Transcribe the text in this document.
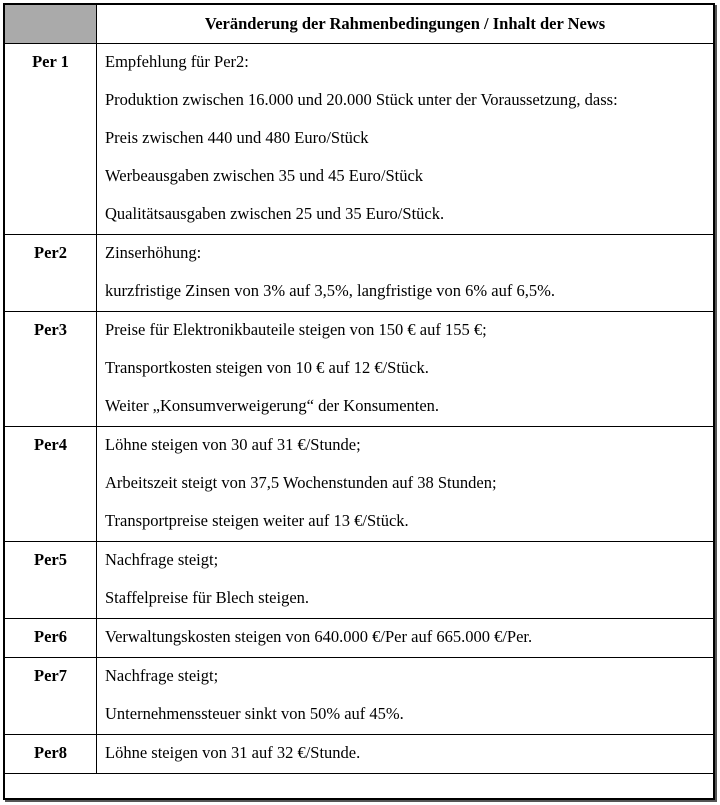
	Veränderung der Rahmenbedingungen / Inhalt der News
Per 1	Empfehlung für Per2:
Produktion zwischen 16.000 und 20.000 Stück unter der Voraussetzung, dass:
Preis zwischen 440 und 480 Euro/Stück
Werbeausgaben zwischen 35 und 45 Euro/Stück
Qualitätsausgaben zwischen 25 und 35 Euro/Stück.

Per2	Zinserhöhung:
kurzfristige Zinsen von 3% auf 3,5%, langfristige von 6% auf 6,5%.

Per3	Preise für Elektronikbauteile steigen von 150 € auf 155 €;
Transportkosten steigen von 10 € auf 12 €/Stück.
Weiter „Konsumverweigerung“ der Konsumenten.

Per4	Löhne steigen von 30 auf 31 €/Stunde;
Arbeitszeit steigt von 37,5 Wochenstunden auf 38 Stunden;
Transportpreise steigen weiter auf 13 €/Stück.

Per5	Nachfrage steigt;
Staffelpreise für Blech steigen.

Per6	Verwaltungskosten steigen von 640.000 €/Per auf 665.000 €/Per.

Per7	Nachfrage steigt;
Unternehmenssteuer sinkt von 50% auf 45%.

Per8	Löhne steigen von 31 auf 32 €/Stunde.
